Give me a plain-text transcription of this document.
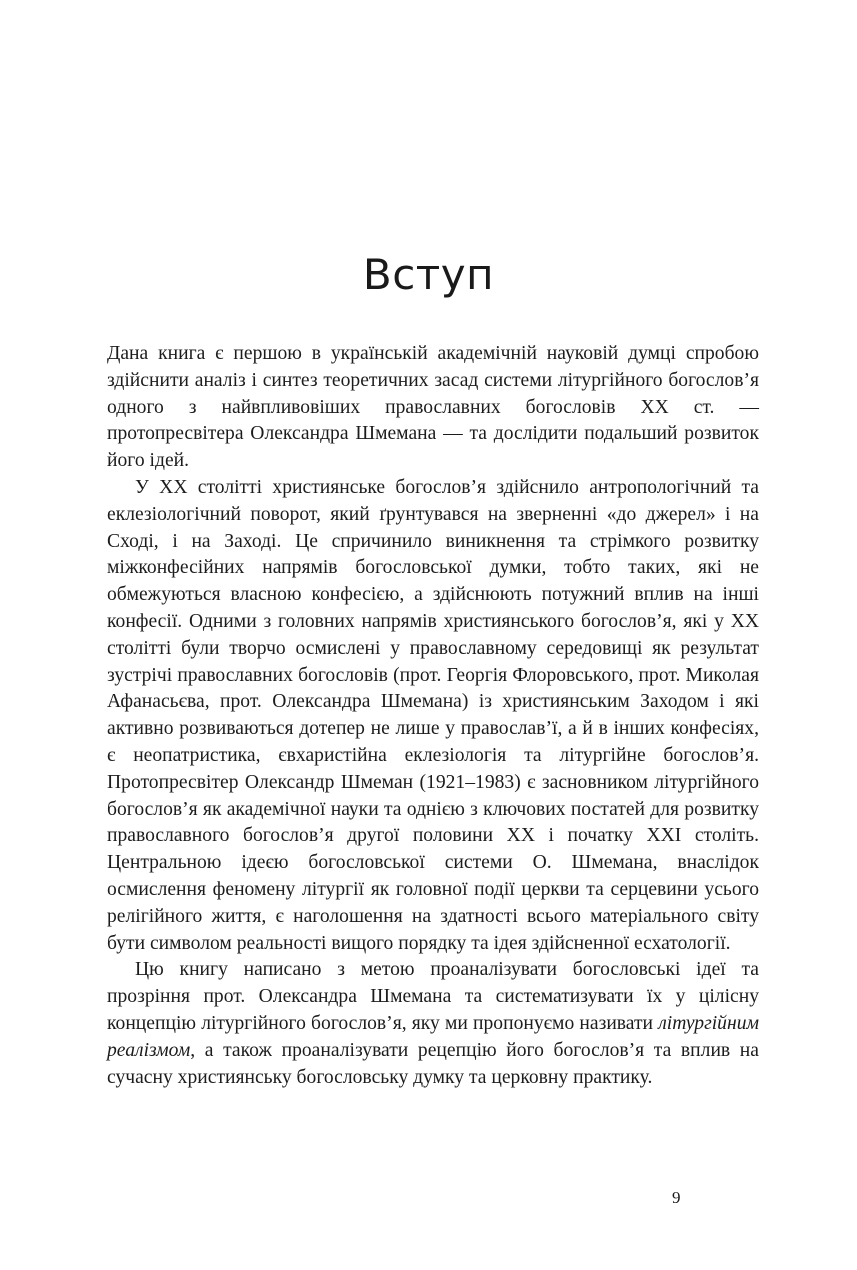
Вступ

Дана книга є першою в українській академічній науковій думці спробою здійснити аналіз і синтез теоретичних засад системи літургійного богослов’я одного з найвпливовіших православних богословів XX ст. — протопресвітера Олександра Шмемана — та дослідити подальший розвиток його ідей.

У XX столітті християнське богослов’я здійснило антропологічний та еклезіологічний поворот, який ґрунтувався на зверненні «до джерел» і на Сході, і на Заході. Це спричинило виникнення та стрімкого розвитку міжконфесійних напрямів богословської думки, тобто таких, які не обмежуються власною конфесією, а здійснюють потужний вплив на інші конфесії. Одними з головних напрямів християнського богослов’я, які у XX столітті були творчо осмислені у православному середовищі як результат зустрічі православних богословів (прот. Георгія Флоровського, прот. Миколая Афанасьєва, прот. Олександра Шмемана) із християнським Заходом і які активно розвиваються дотепер не лише у православ’ї, а й в інших конфесіях, є неопатристика, євхаристійна еклезіологія та літургійне богослов’я. Протопресвітер Олександр Шмеман (1921–1983) є засновником літургійного богослов’я як академічної науки та однією з ключових постатей для розвитку православного богослов’я другої половини XX і початку XXI століть. Центральною ідеєю богословської системи О. Шмемана, внаслідок осмислення феномену літургії як головної події церкви та серцевини усього релігійного життя, є наголошення на здатності всього матеріального світу бути символом реальності вищого порядку та ідея здійсненної есхатології.

Цю книгу написано з метою проаналізувати богословські ідеї та прозріння прот. Олександра Шмемана та систематизувати їх у цілісну концепцію літургійного богослов’я, яку ми пропонуємо називати літургійним реалізмом, а також проаналізувати рецепцію його богослов’я та вплив на сучасну християнську богословську думку та церковну практику.

9
